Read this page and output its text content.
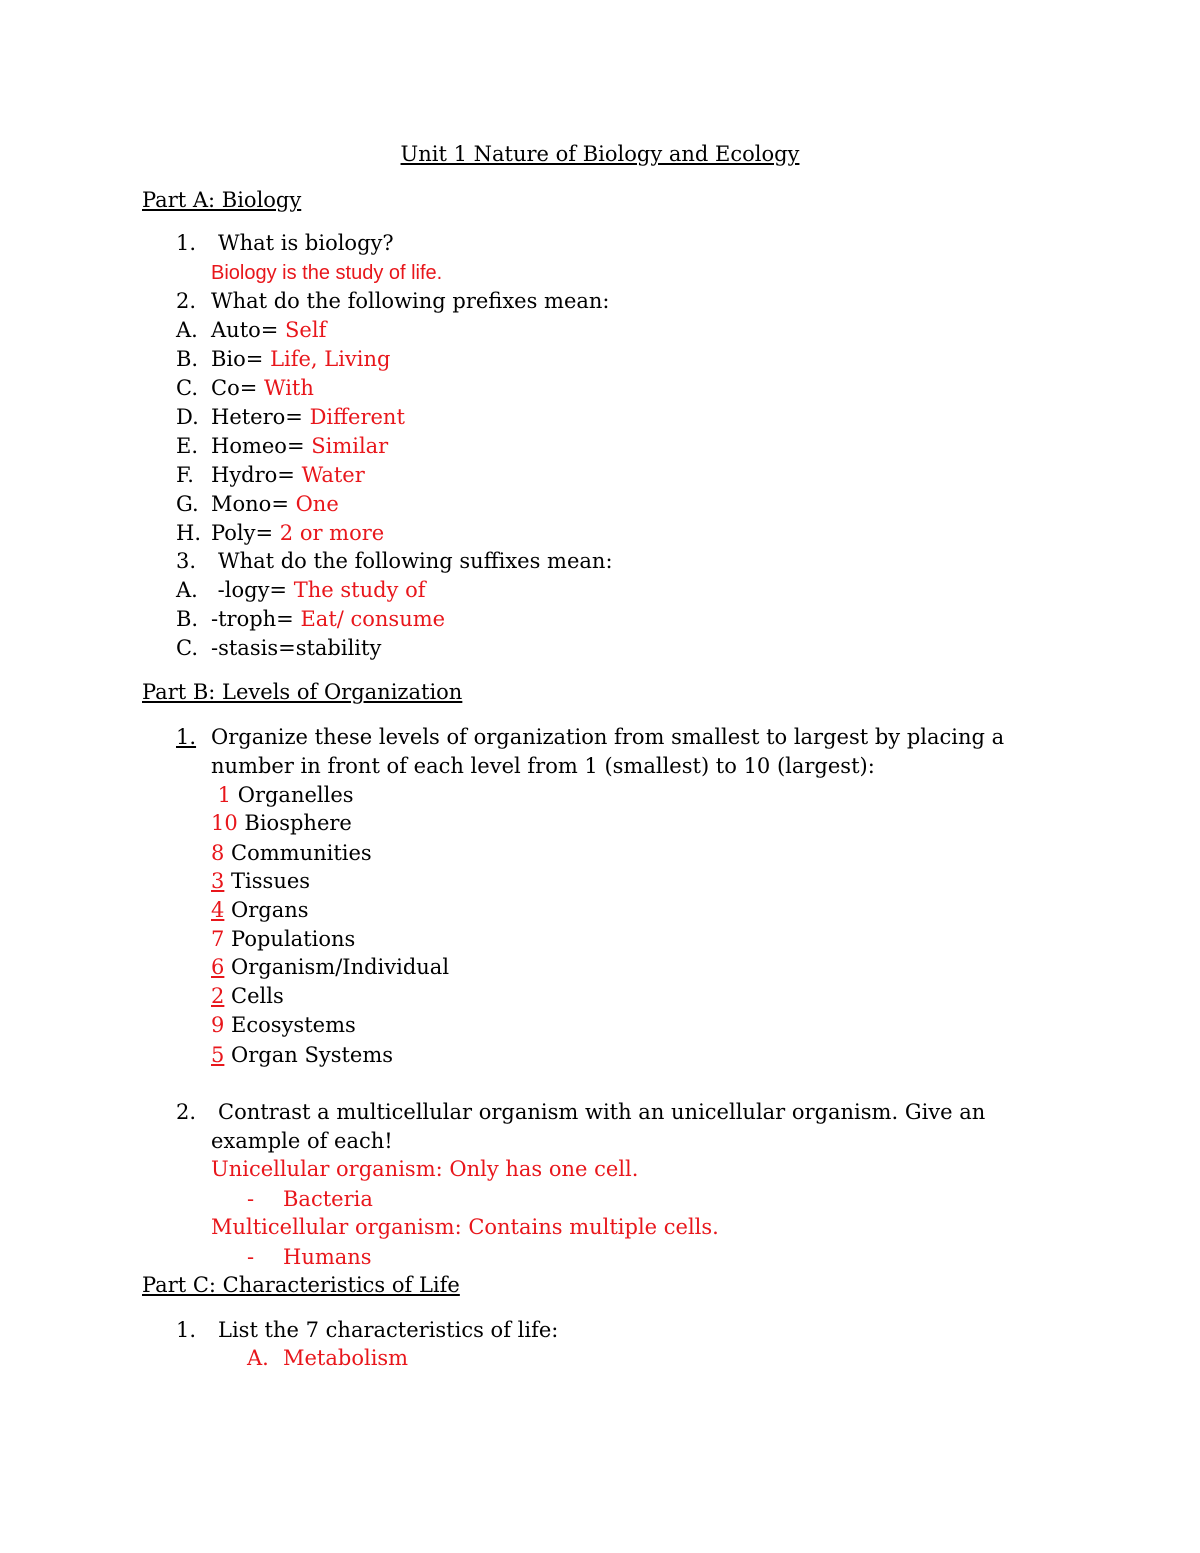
Unit 1 Nature of Biology and Ecology
Part A: Biology
1. What is biology?
Biology is the study of life.
2. What do the following prefixes mean:
A. Auto= Self
B. Bio= Life, Living
C. Co= With
D. Hetero= Different
E. Homeo= Similar
F. Hydro= Water
G. Mono= One
H. Poly= 2 or more
3. What do the following suffixes mean:
A. -logy= The study of
B. -troph= Eat/ consume
C. -stasis=stability
Part B: Levels of Organization
1. Organize these levels of organization from smallest to largest by placing a
number in front of each level from 1 (smallest) to 10 (largest):
1 Organelles
10 Biosphere
8 Communities
3 Tissues
4 Organs
7 Populations
6 Organism/Individual
2 Cells
9 Ecosystems
5 Organ Systems
2. Contrast a multicellular organism with an unicellular organism. Give an
example of each!
Unicellular organism: Only has one cell.
- Bacteria
Multicellular organism: Contains multiple cells.
- Humans
Part C: Characteristics of Life
1. List the 7 characteristics of life:
A. Metabolism
